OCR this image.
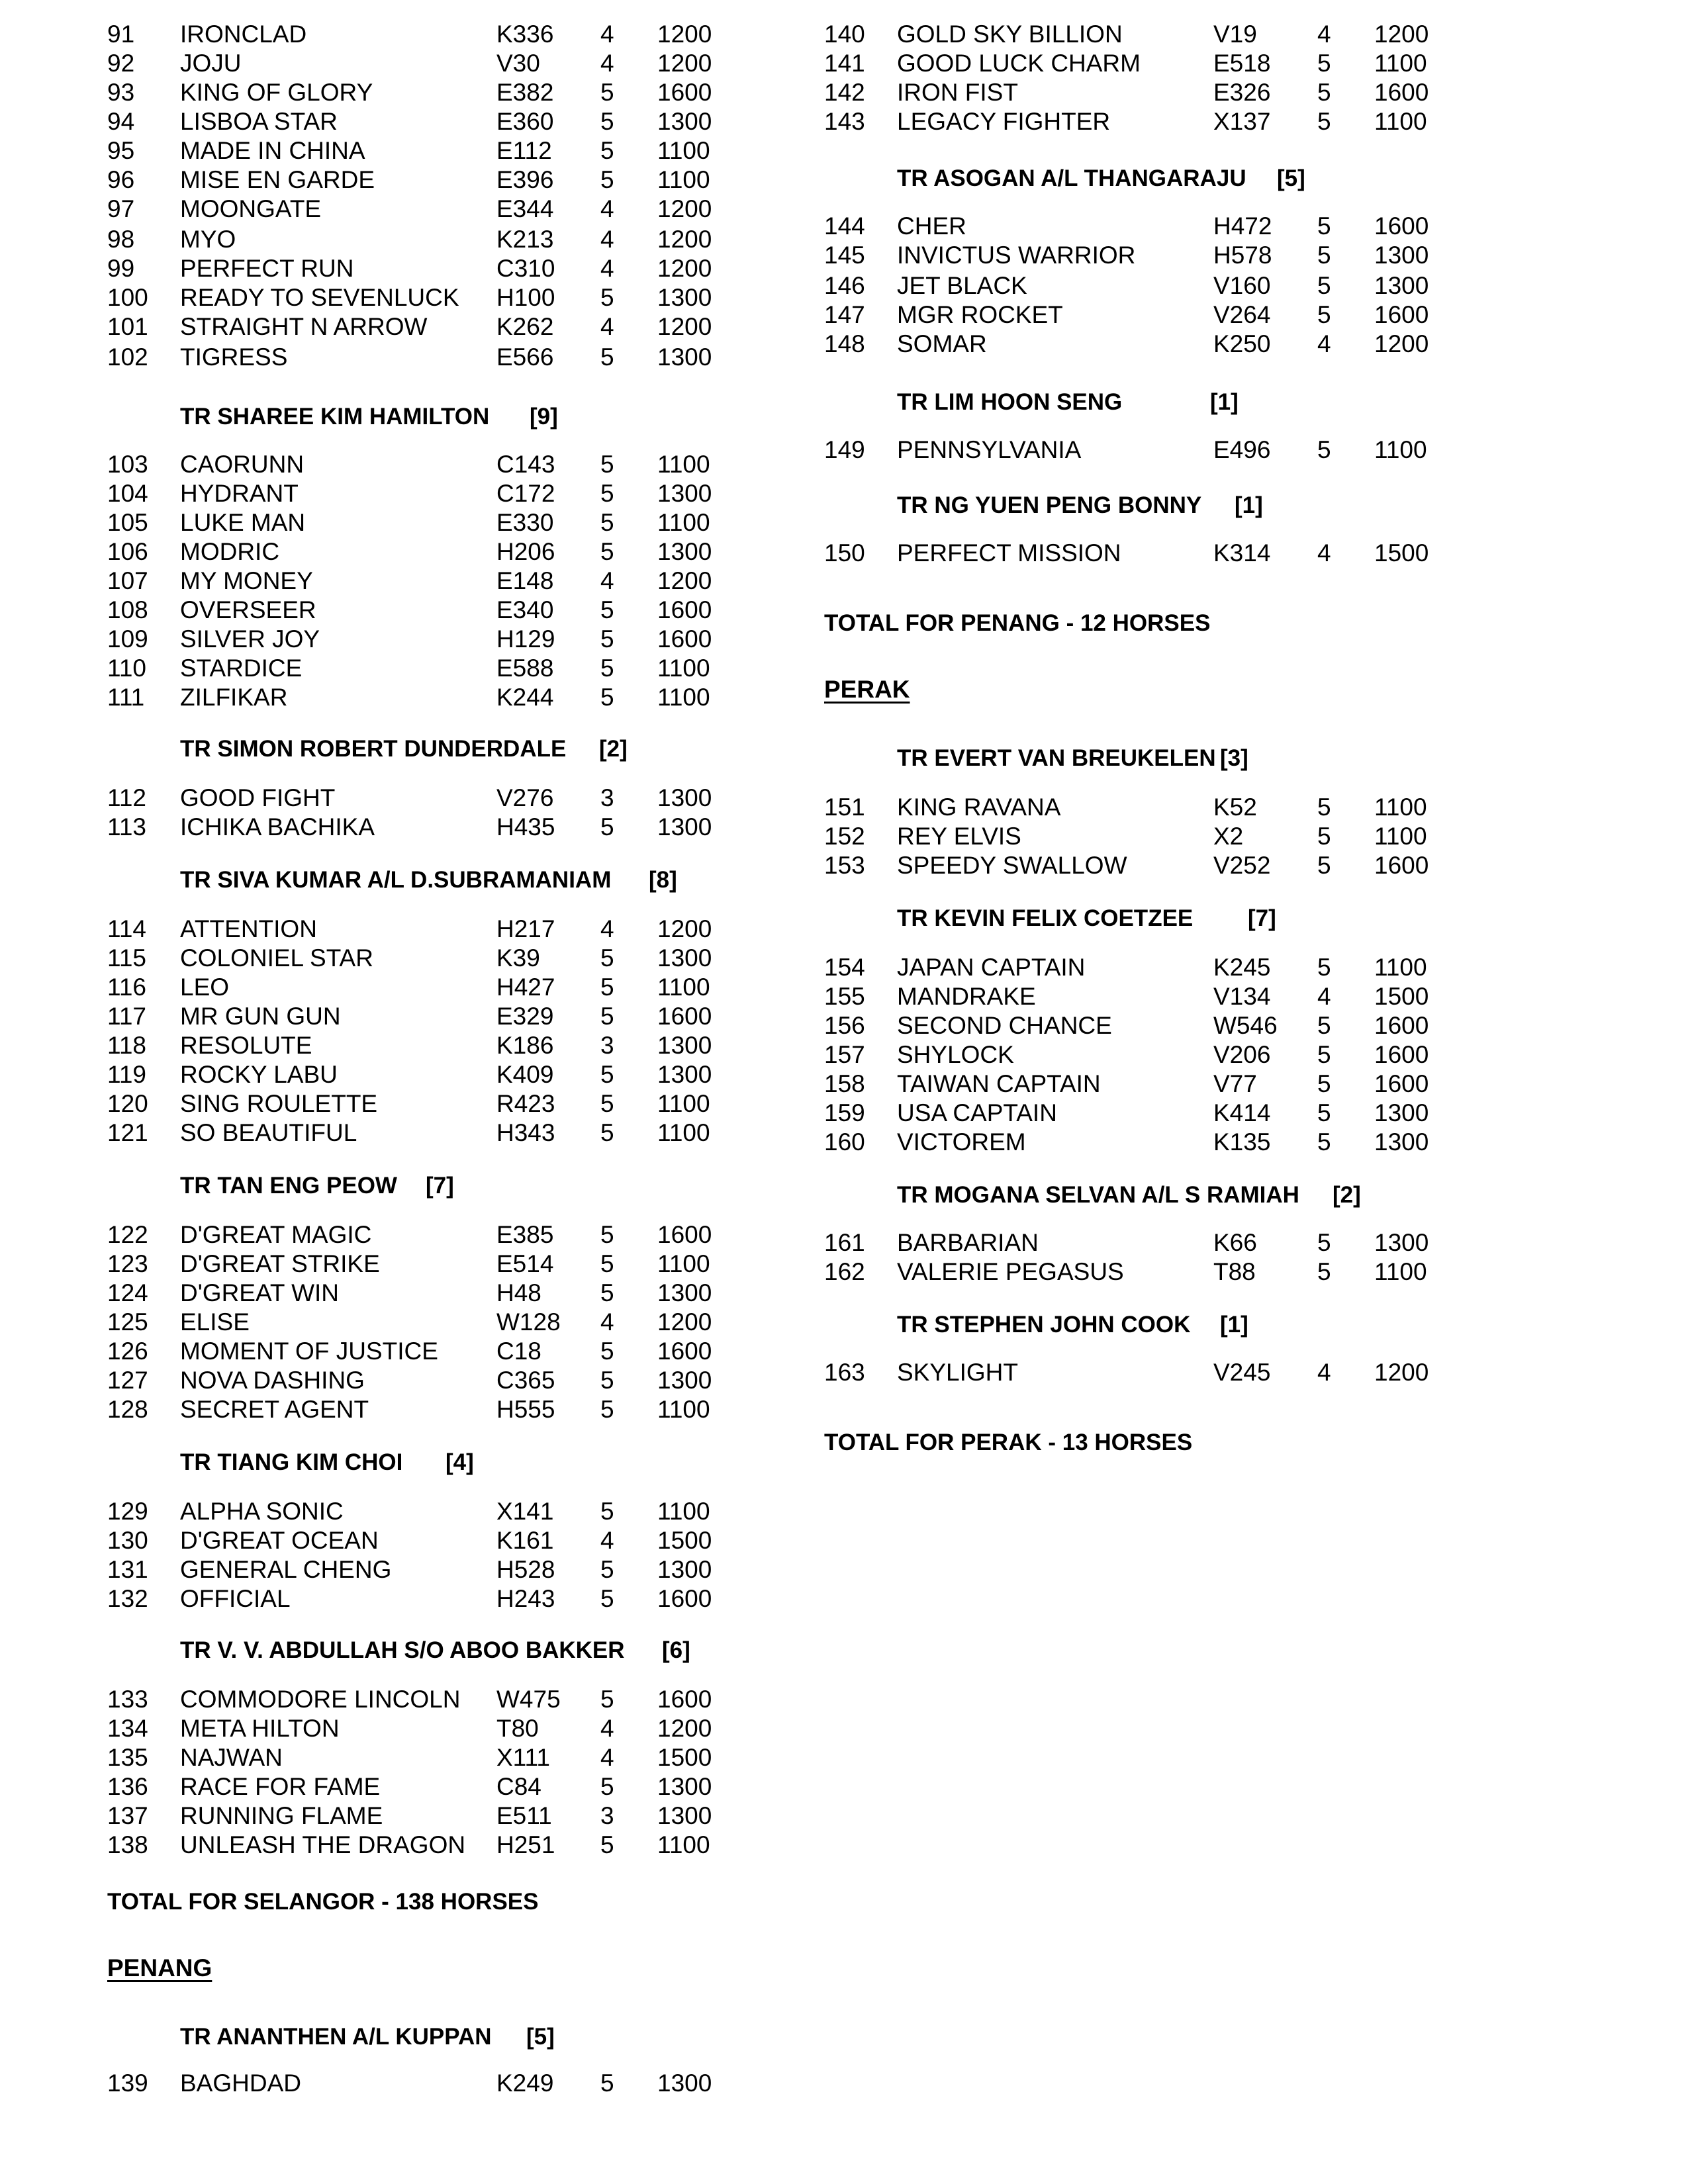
91 IRONCLAD	K336 4 1200
92 JOJU	V30 4 1200
93 KING OF GLORY	E382 5 1600
94 LISBOA STAR	E360 5 1300
95 MADE IN CHINA	E112 5 1100
96 MISE EN GARDE	E396 5 1100
97 MOONGATE	E344 4 1200
98 MYO	K213 4 1200
99 PERFECT RUN	C310 4 1200
100 READY TO SEVENLUCK H100 5 1300
101 STRAIGHT N ARROW	K262 4 1200
102 TIGRESS	E566 5 1300
TR SHAREE KIM HAMILTON [9]
103 CAORUNN	C143 5 1100
104 HYDRANT	C172 5 1300
105 LUKE MAN	E330 5 1100
106 MODRIC	H206 5 1300
107 MY MONEY	E148 4 1200
108 OVERSEER	E340 5 1600
109 SILVER JOY	H129 5 1600
110 STARDICE	E588 5 1100
111 ZILFIKAR	K244 5 1100
TR SIMON ROBERT DUNDERDALE [2]
112 GOOD FIGHT	V276 3 1300
113 ICHIKA BACHIKA	H435 5 1300
TR SIVA KUMAR A/L D.SUBRAMANIAM [8]
114 ATTENTION	H217 4 1200
115 COLONIEL STAR	K39 5 1300
116 LEO	H427 5 1100
117 MR GUN GUN	E329 5 1600
118 RESOLUTE	K186 3 1300
119 ROCKY LABU	K409 5 1300
120 SING ROULETTE	R423 5 1100
121 SO BEAUTIFUL	H343 5 1100
TR TAN ENG PEOW [7]
122 D'GREAT MAGIC	E385 5 1600
123 D'GREAT STRIKE	E514 5 1100
124 D'GREAT WIN	H48 5 1300
125 ELISE	W128 4 1200
126 MOMENT OF JUSTICE C18 5 1600
127 NOVA DASHING	C365 5 1300
128 SECRET AGENT	H555 5 1100
TR TIANG KIM CHOI [4]
129 ALPHA SONIC	X141 5 1100
130 D'GREAT OCEAN	K161 4 1500
131 GENERAL CHENG	H528 5 1300
132 OFFICIAL	H243 5 1600
TR V. V. ABDULLAH S/O ABOO BAKKER [6]
133 COMMODORE LINCOLN W475 5 1600
134 META HILTON	T80	4 1200
135 NAJWAN	X111 4 1500
136 RACE FOR FAME	C84 5 1300
137 RUNNING FLAME	E511 3 1300
138 UNLEASH THE DRAGON H251 5 1100
TOTAL FOR SELANGOR - 138 HORSES
PENANG
TR ANANTHEN A/L KUPPAN [5]
139 BAGHDAD	K249 5 1300
140 GOLD SKY BILLION	V19 4 1200
141 GOOD LUCK CHARM	E518 5 1100
142 IRON FIST	E326 5 1600
143 LEGACY FIGHTER	X137 5 1100
TR ASOGAN A/L THANGARAJU [5]
144 CHER	H472 5 1600
145 INVICTUS WARRIOR	H578 5 1300
146 JET BLACK	V160 5 1300
147 MGR ROCKET	V264 5 1600
148 SOMAR	K250 4 1200
TR LIM HOON SENG	[1]
149 PENNSYLVANIA	E496 5 1100
TR NG YUEN PENG BONNY [1]
150 PERFECT MISSION	K314 4 1500
TOTAL FOR PENANG - 12 HORSES
PERAK
TR EVERT VAN BREUKELEN [3]
151 KING RAVANA	K52 5 1100
152 REY ELVIS	X2	5 1100
153 SPEEDY SWALLOW	V252 5 1600
TR KEVIN FELIX COETZEE [7]
154 JAPAN CAPTAIN	K245 5 1100
155 MANDRAKE	V134 4 1500
156 SECOND CHANCE	W546 5 1600
157 SHYLOCK	V206 5 1600
158 TAIWAN CAPTAIN	V77 5 1600
159 USA CAPTAIN	K414 5 1300
160 VICTOREM	K135 5 1300
TR MOGANA SELVAN A/L S RAMIAH [2]
161 BARBARIAN	K66 5 1300
162 VALERIE PEGASUS	T88	5 1100
TR STEPHEN JOHN COOK [1]
163 SKYLIGHT	V245 4 1200
TOTAL FOR PERAK - 13 HORSES
